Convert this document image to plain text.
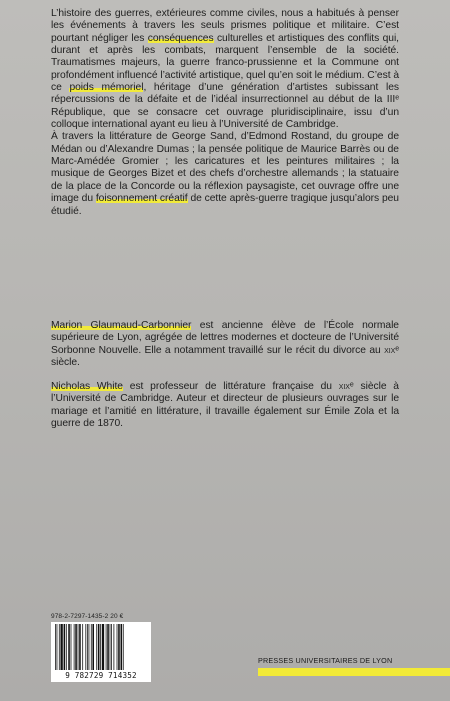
L’histoire des guerres, extérieures comme civiles, nous a habitués à penser les événements à travers les seuls prismes politique et militaire. C’est pourtant négliger les conséquences culturelles et artistiques des conflits qui, durant et après les combats, marquent l’ensemble de la société. Traumatismes majeurs, la guerre franco-prussienne et la Commune ont profondément influencé l’activité artistique, quel qu’en soit le médium. C’est à ce poids mémoriel, héritage d’une génération d’artistes subissant les répercussions de la défaite et de l’idéal insurrectionnel au début de la IIIᵉ République, que se consacre cet ouvrage pluridisciplinaire, issu d’un colloque international ayant eu lieu à l’Université de Cambridge.

À travers la littérature de George Sand, d’Edmond Rostand, du groupe de Médan ou d’Alexandre Dumas ; la pensée politique de Maurice Barrès ou de Marc-Amédée Gromier ; les caricatures et les peintures militaires ; la musique de Georges Bizet et des chefs d’orchestre allemands ; la statuaire de la place de la Concorde ou la réflexion paysagiste, cet ouvrage offre une image du foisonnement créatif de cette après-guerre tragique jusqu’alors peu étudié.

Marion Glaumaud-Carbonnier est ancienne élève de l’École normale supérieure de Lyon, agrégée de lettres modernes et docteure de l’Université Sorbonne Nouvelle. Elle a notamment travaillé sur le récit du divorce au xixᵉ siècle.

Nicholas White est professeur de littérature française du xixᵉ siècle à l’Université de Cambridge. Auteur et directeur de plusieurs ouvrages sur le mariage et l’amitié en littérature, il travaille également sur Émile Zola et la guerre de 1870.

978-2-7297-1435-2 20 €
9 782729 714352
PRESSES UNIVERSITAIRES DE LYON
